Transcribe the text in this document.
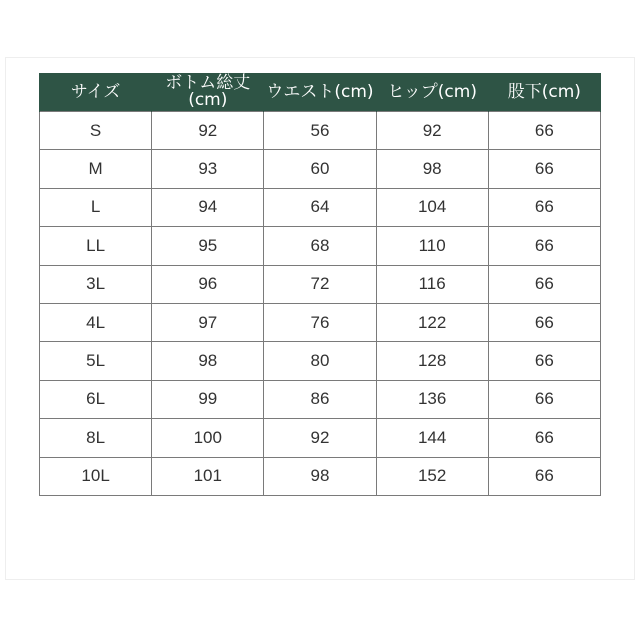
サイズ	ボトム総丈(cm)	ウエスト(cm)	ヒップ(cm)	股下(cm)

S	92	56	92	66
M	93	60	98	66
L	94	64	104	66
LL	95	68	110	66
3L	96	72	116	66
4L	97	76	122	66
5L	98	80	128	66
6L	99	86	136	66
8L	100	92	144	66
10L	101	98	152	66
